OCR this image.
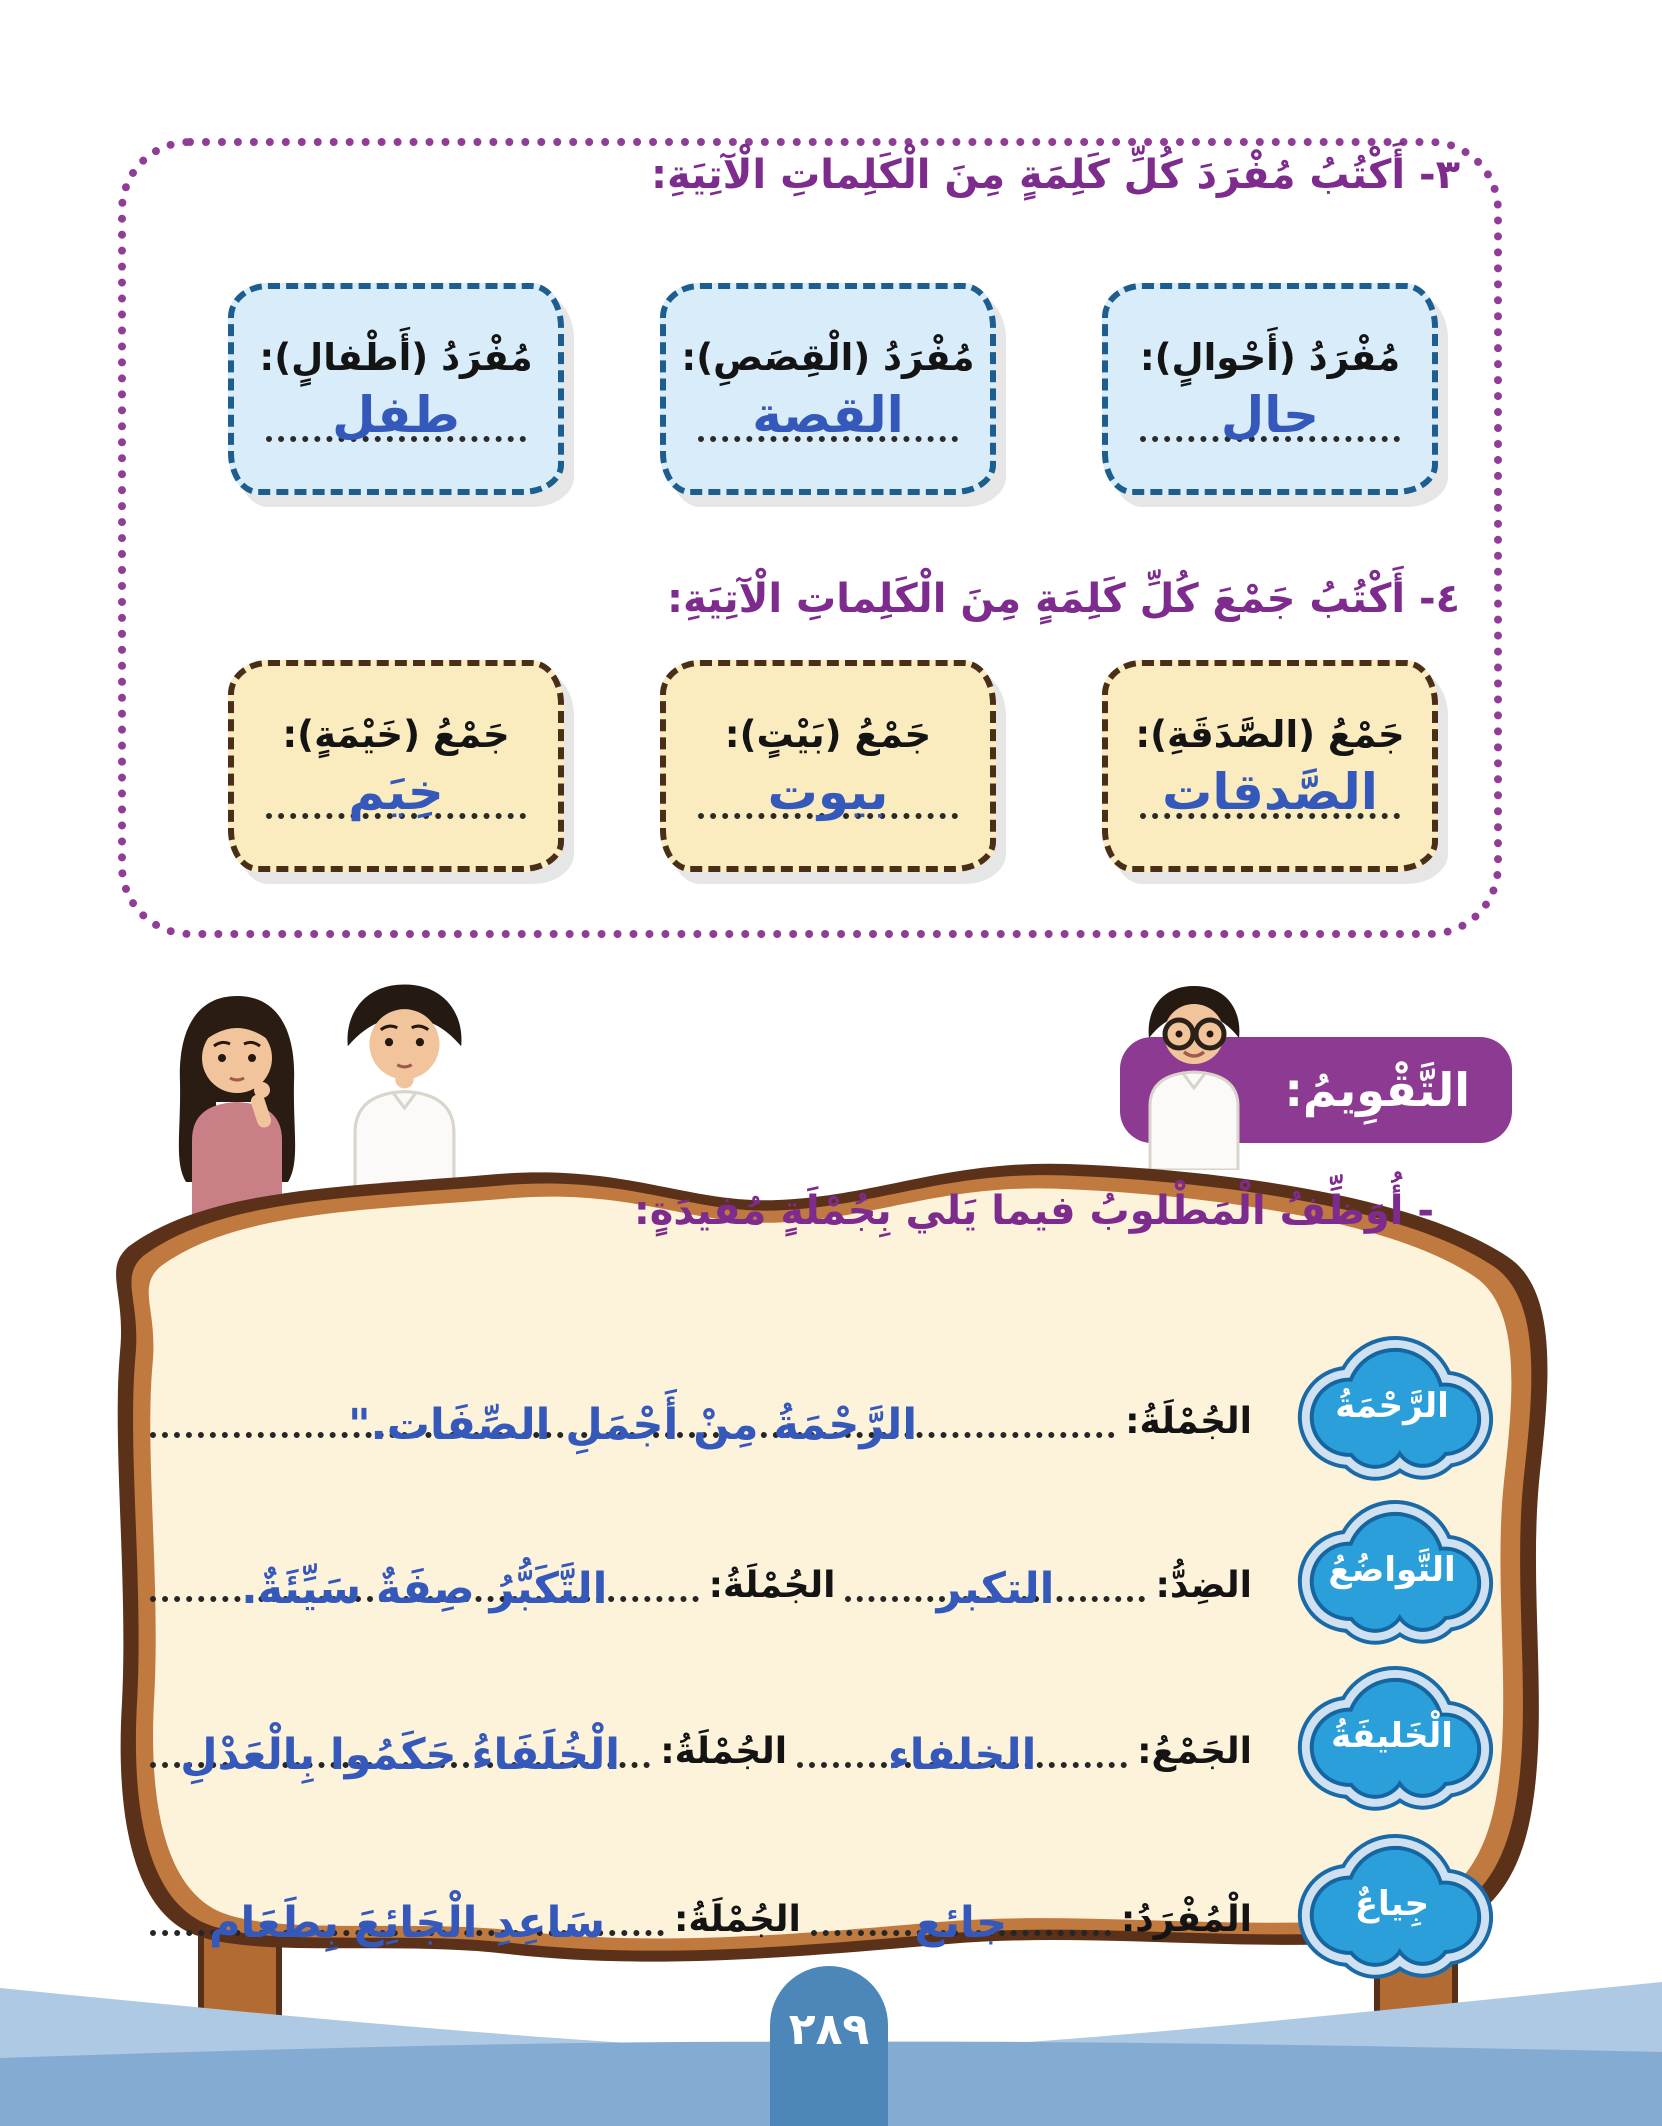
٣- أَكْتُبُ مُفْرَدَ كُلِّ كَلِمَةٍ مِنَ الْكَلِماتِ الْآتِيَةِ:
مُفْرَدُ (أَحْوالٍ):
حال
مُفْرَدُ (الْقِصَصِ):
القصة
مُفْرَدُ (أَطْفالٍ):
طفل
٤- أَكْتُبُ جَمْعَ كُلِّ كَلِمَةٍ مِنَ الْكَلِماتِ الْآتِيَةِ:
جَمْعُ (الصَّدَقَةِ):
الصَّدقات
جَمْعُ (بَيْتٍ):
بيوت
جَمْعُ (خَيْمَةٍ):
خِيَم
التَّقْوِيمُ:
- أُوَظِّفُ الْمَطْلوبُ فيما يَلي بِجُمْلَةٍ مُفيدَةٍ:
الرَّحْمَةُ
الجُمْلَةُ:
الرَّحْمَةُ مِنْ أَجْمَلِ الصِّفَات."
التَّواضُعُ
الضِدُّ:
التكبر
الجُمْلَةُ:
التَّكَبُّرُ صِفَةٌ سَيِّئَةٌ.
الْخَليفَةُ
الجَمْعُ:
الخلفاء
الجُمْلَةُ:
الْخُلَفَاءُ حَكَمُوا بِالْعَدْلِ
جِياعٌ
الْمُفْرَدُ:
جائع
الجُمْلَةُ:
سَاعِدِ الْجَائِعَ بِطَعَام
٢٨٩
